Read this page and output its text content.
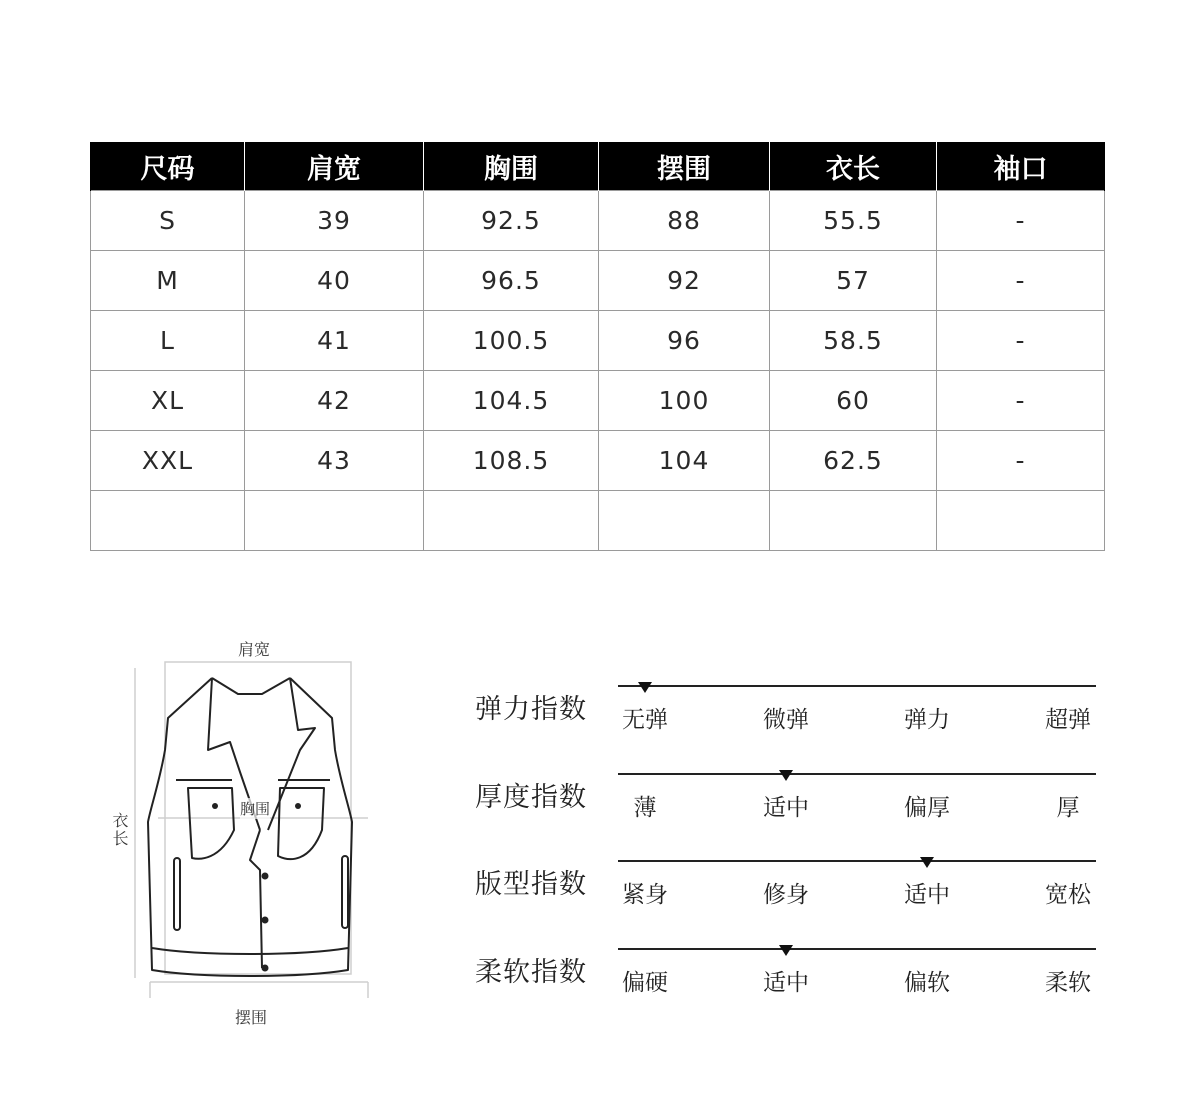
尺码	肩宽	胸围	摆围	衣长	袖口
S	39	92.5	88	55.5	-
M	40	96.5	92	57	-
L	41	100.5	96	58.5	-
XL	42	104.5	100	60	-
XXL	43	108.5	104	62.5	-

肩宽
胸围
衣长
摆围
弹力指数 无弹	微弹	弹力	超弹
厚度指数 薄	适中	偏厚	厚
版型指数 紧身	修身	适中	宽松
柔软指数 偏硬	适中	偏软	柔软
